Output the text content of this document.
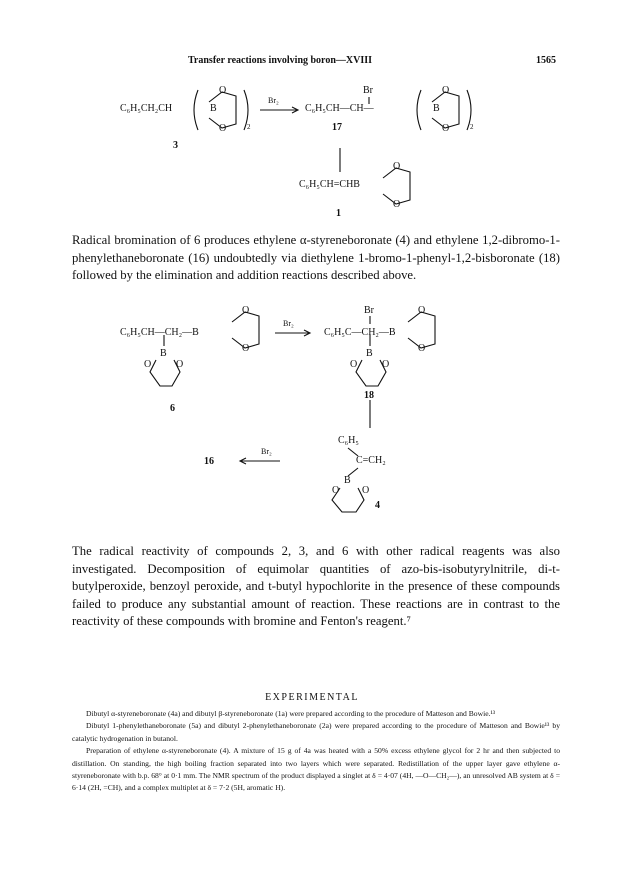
Transfer reactions involving boron—XVIII	1565
C₆H₅CH₂CH	B
O
O	2
3
Br₂
Br
C₆H₅CH—CH—	B
O
O	2
17
C₆H₅CH=CHB
O
O
1

Radical bromination of 6 produces ethylene α-styreneboronate (4) and ethylene 1,2-dibromo-1-phenylethaneboronate (16) undoubtedly via diethylene 1-bromo-1-phenyl-1,2-bisboronate (18) followed by the elimination and addition reactions described above.

C₆H₅CH—CH₂—B
O
O
B
O O
6
Br₂
Br
C₆H₅C—CH₂—B
O
O
B
O O
18
16
Br₂
C₆H₅
C=CH₂
B
O O
4

The radical reactivity of compounds 2, 3, and 6 with other radical reagents was also investigated. Decomposition of equimolar quantities of azo-bis-isobutyrylnitrile, di-t-butylperoxide, benzoyl peroxide, and t-butyl hypochlorite in the presence of these compounds failed to produce any substantial amount of reaction. These reactions are in contrast to the reactivity of these compounds with bromine and Fenton's reagent.⁷

EXPERIMENTAL

Dibutyl α-styreneboronate (4a) and dibutyl β-styreneboronate (1a) were prepared according to the procedure of Matteson and Bowie.¹³

Dibutyl 1-phenylethaneboronate (5a) and dibutyl 2-phenylethaneboronate (2a) were prepared according to the procedure of Matteson and Bowie¹³ by catalytic hydrogenation in butanol.

Preparation of ethylene α-styreneboronate (4). A mixture of 15 g of 4a was heated with a 50% excess ethylene glycol for 2 hr and then subjected to distillation. On standing, the high boiling fraction separated into two layers which were separated. Redistillation of the upper layer gave ethylene α-styreneboronate with b.p. 68° at 0·1 mm. The NMR spectrum of the product displayed a singlet at δ = 4·07 (4H, —O—CH₂—), an unresolved AB system at δ = 6·14 (2H, =CH), and a complex multiplet at δ = 7·2 (5H, aromatic H).
